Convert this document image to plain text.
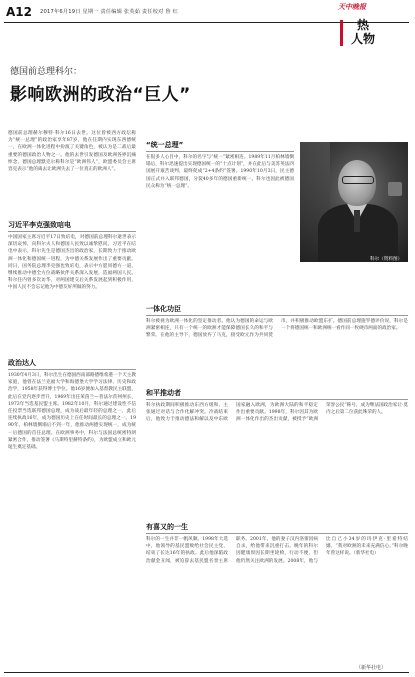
A12 2017年6月19日 星期一 责任编辑 张英茹 责任校对 鲁 红
天中晚报
热
人物
德国前总理科尔：
影响欧洲的政治“巨人”
德国前总理赫尔穆特·科尔16日去世。这位曾被西方政坛称为“统一总理”的政治家享年87岁，他在任期内实现东西德统一，在欧洲一体化进程中扮演了关键角色，被认为是二战后最重要的德国政治人物之一。他的去世引发德国及欧洲各界沉痛悼念，德国总理默克尔称科尔是“欧洲伟人”，欧盟委员会主席容克表示“他的离去让欧洲失去了一位真正的欧洲人”。
习近平李克强致唁电
中国国家主席习近平17日致唁电，对德国前总理科尔逝世表示深切哀悼，向科尔夫人和德国人民致以诚挚慰问。习近平在唁电中表示，科尔先生是德国杰出的政治家，长期致力于推动欧洲一体化和德国统一进程，为中德关系发展作出了重要贡献。同日，国务院总理李克强也致唁电，表示中方愿同德方一道，继续推动中德全方位战略伙伴关系深入发展，造福两国人民。科尔任内曾多次访华，对两国建交后关系发展起到积极作用，中国人民不会忘记他为中德友好所做的努力。
政治达人
1930年4月3日，科尔出生在德国西南部路德维希港一个天主教家庭，他曾在法兰克福大学和海德堡大学学习法律、历史和政治学，1958年获得博士学位。他16岁便加入基督教民主联盟，此后在党内逐步晋升，1969年出任莱茵兰—普法尔茨州州长，1973年当选基民盟主席。1982年10月，科尔通过建设性不信任投票当选联邦德国总理，成为战后最年轻的总理之一，此后连续执政16年，成为德国历史上在任时间最长的总理之一。1990年，柏林墙倒塌后不到一年，他推动两德实现统一，成为统一后德国的首任总理。在欧洲事务中，科尔与法国总统密特朗紧密合作，推动签署《马斯特里赫特条约》，为欧盟成立和欧元诞生奠定基础。
“统一总理”
在很多人心目中，科尔的名字与“统一”紧密相连。1989年11月柏林墙倒塌后，科尔迅速提出实现德国统一的“十点计划”，并在此后与美苏英法四国展开艰苦谈判，最终促成“2+4条约”签署。1990年10月3日，民主德国正式并入联邦德国，分裂40多年的德国重新统一。科尔也因此被德国民众称为“统一总理”。
科尔（资料图）
一体化功臣
科尔被视为欧洲一体化的坚定推动者。他认为德国的命运与欧洲紧密相连，只有一个统一的欧洲才能保障德国长久的和平与繁荣。在他的主导下，德国放弃了马克，接受欧元作为共同货币，并积极推动欧盟东扩。德国前总理施罗德评价说，科尔是一个将德国统一和欧洲统一看作同一枚硬币两面的政治家。
和平推动者
科尔执政期间积极推动东西方缓和，主张通过对话与合作化解冲突。冷战结束后，他致力于推动德法和解以及中东欧国家融入欧洲，为欧洲大陆的和平稳定作出重要贡献。1998年，科尔因其为欧洲一体化作出的杰出贡献，被授予“欧洲荣誉公民”称号，成为继法国政治家让·莫内之后第二位获此殊荣的人。
有喜又的一生
科尔的一生并非一帆风顺。1998年大选中，他领导的基民盟败给社会民主党，结束了长达16年的执政。此后他深陷政治献金丑闻，被迫辞去基民盟名誉主席职务。2001年，他的妻子汉内洛蕾因病自杀，给他带来沉重打击。晚年的科尔因健康原因长期坐轮椅，行动不便，但他仍然关注欧洲的发展。2008年，他与比自己小34岁的玛伊克·里希特结婚。“我对欧洲的未来充满信心。”科尔晚年曾这样说。（新华社电）
（新华社电）
